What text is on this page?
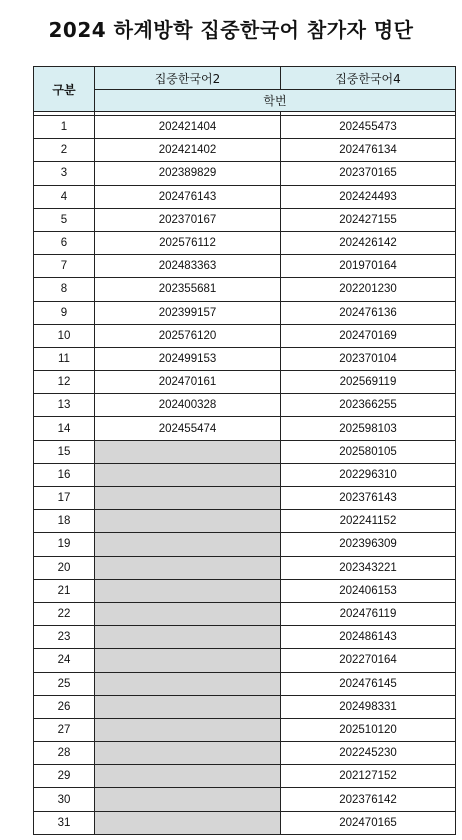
2024 하계방학 집중한국어 참가자 명단
구분	집중한국어2	집중한국어4
	학번	

1	202421404	202455473
2	202421402	202476134
3	202389829	202370165
4	202476143	202424493
5	202370167	202427155
6	202576112	202426142
7	202483363	201970164
8	202355681	202201230
9	202399157	202476136
10	202576120	202470169
11	202499153	202370104
12	202470161	202569119
13	202400328	202366255
14	202455474	202598103
15		202580105
16		202296310
17		202376143
18		202241152
19		202396309
20		202343221
21		202406153
22		202476119
23		202486143
24		202270164
25		202476145
26		202498331
27		202510120
28		202245230
29		202127152
30		202376142
31		202470165
